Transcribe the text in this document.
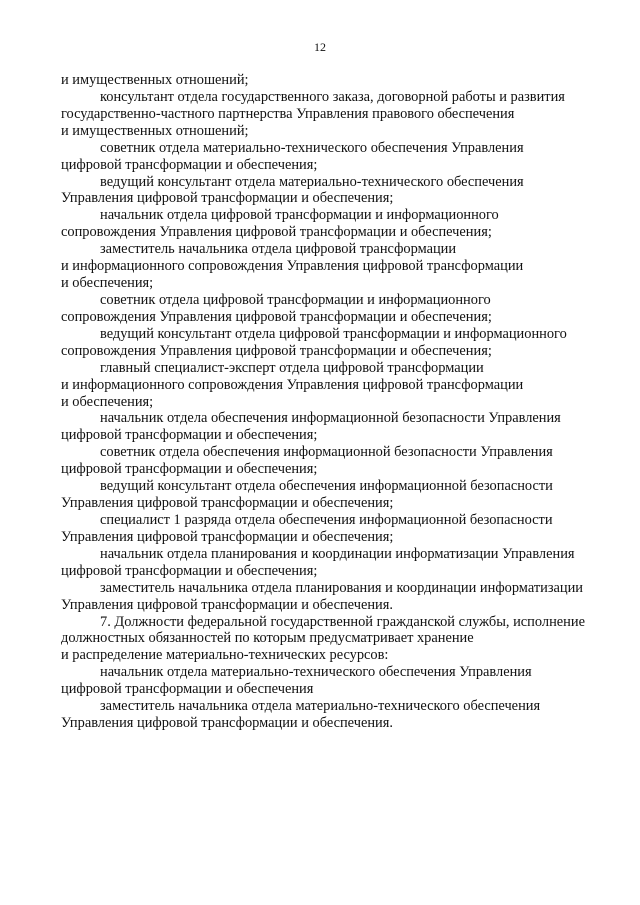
12

и имущественных отношений;

консультант отдела государственного заказа, договорной работы и развития
государственно-частного партнерства Управления правового обеспечения
и имущественных отношений;

советник отдела материально-технического обеспечения Управления
цифровой трансформации и обеспечения;

ведущий консультант отдела материально-технического обеспечения
Управления цифровой трансформации и обеспечения;

начальник отдела цифровой трансформации и информационного
сопровождения Управления цифровой трансформации и обеспечения;

заместитель начальника отдела цифровой трансформации
и информационного сопровождения Управления цифровой трансформации
и обеспечения;

советник отдела цифровой трансформации и информационного
сопровождения Управления цифровой трансформации и обеспечения;

ведущий консультант отдела цифровой трансформации и информационного
сопровождения Управления цифровой трансформации и обеспечения;

главный специалист-эксперт отдела цифровой трансформации
и информационного сопровождения Управления цифровой трансформации
и обеспечения;

начальник отдела обеспечения информационной безопасности Управления
цифровой трансформации и обеспечения;

советник отдела обеспечения информационной безопасности Управления
цифровой трансформации и обеспечения;

ведущий консультант отдела обеспечения информационной безопасности
Управления цифровой трансформации и обеспечения;

специалист 1 разряда отдела обеспечения информационной безопасности
Управления цифровой трансформации и обеспечения;

начальник отдела планирования и координации информатизации Управления
цифровой трансформации и обеспечения;

заместитель начальника отдела планирования и координации информатизации
Управления цифровой трансформации и обеспечения.

7. Должности федеральной государственной гражданской службы, исполнение
должностных обязанностей по которым предусматривает хранение
и распределение материально-технических ресурсов:

начальник отдела материально-технического обеспечения Управления
цифровой трансформации и обеспечения

заместитель начальника отдела материально-технического обеспечения
Управления цифровой трансформации и обеспечения.
